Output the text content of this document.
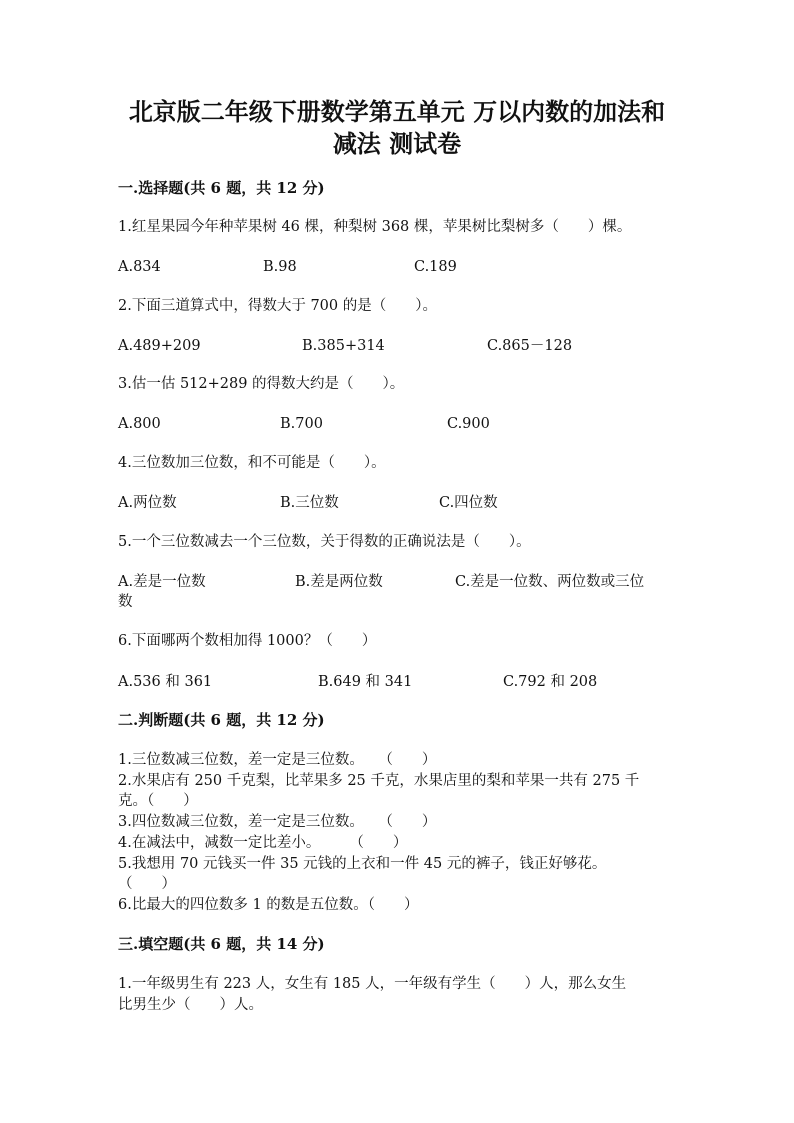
北京版二年级下册数学第五单元 万以内数的加法和
减法 测试卷
一.选择题(共 6 题，共 12 分)
1.红星果园今年种苹果树 46 棵，种梨树 368 棵，苹果树比梨树多（　　）棵。
A.834	B.98	C.189
2.下面三道算式中，得数大于 700 的是（　　）。
A.489+209	B.385+314	C.865－128
3.估一估 512+289 的得数大约是（　　）。
A.800	B.700	C.900
4.三位数加三位数，和不可能是（　　）。
A.两位数	B.三位数	C.四位数
5.一个三位数减去一个三位数，关于得数的正确说法是（　　）。
A.差是一位数	B.差是两位数	C.差是一位数、两位数或三位
数
6.下面哪两个数相加得 1000？（　　）
A.536 和 361	B.649 和 341	C.792 和 208
二.判断题(共 6 题，共 12 分)
1.三位数减三位数，差一定是三位数。　　（　　）
2.水果店有 250 千克梨，比苹果多 25 千克，水果店里的梨和苹果一共有 275 千
克。（　　）
3.四位数减三位数，差一定是三位数。　　（　　）
4.在减法中，减数一定比差小。　　　（　　）
5.我想用 70 元钱买一件 35 元钱的上衣和一件 45 元的裤子，钱正好够花。
（　　）
6.比最大的四位数多 1 的数是五位数。（　　）
三.填空题(共 6 题，共 14 分)
1.一年级男生有 223 人，女生有 185 人，一年级有学生（　　）人，那么女生
比男生少（　　）人。
